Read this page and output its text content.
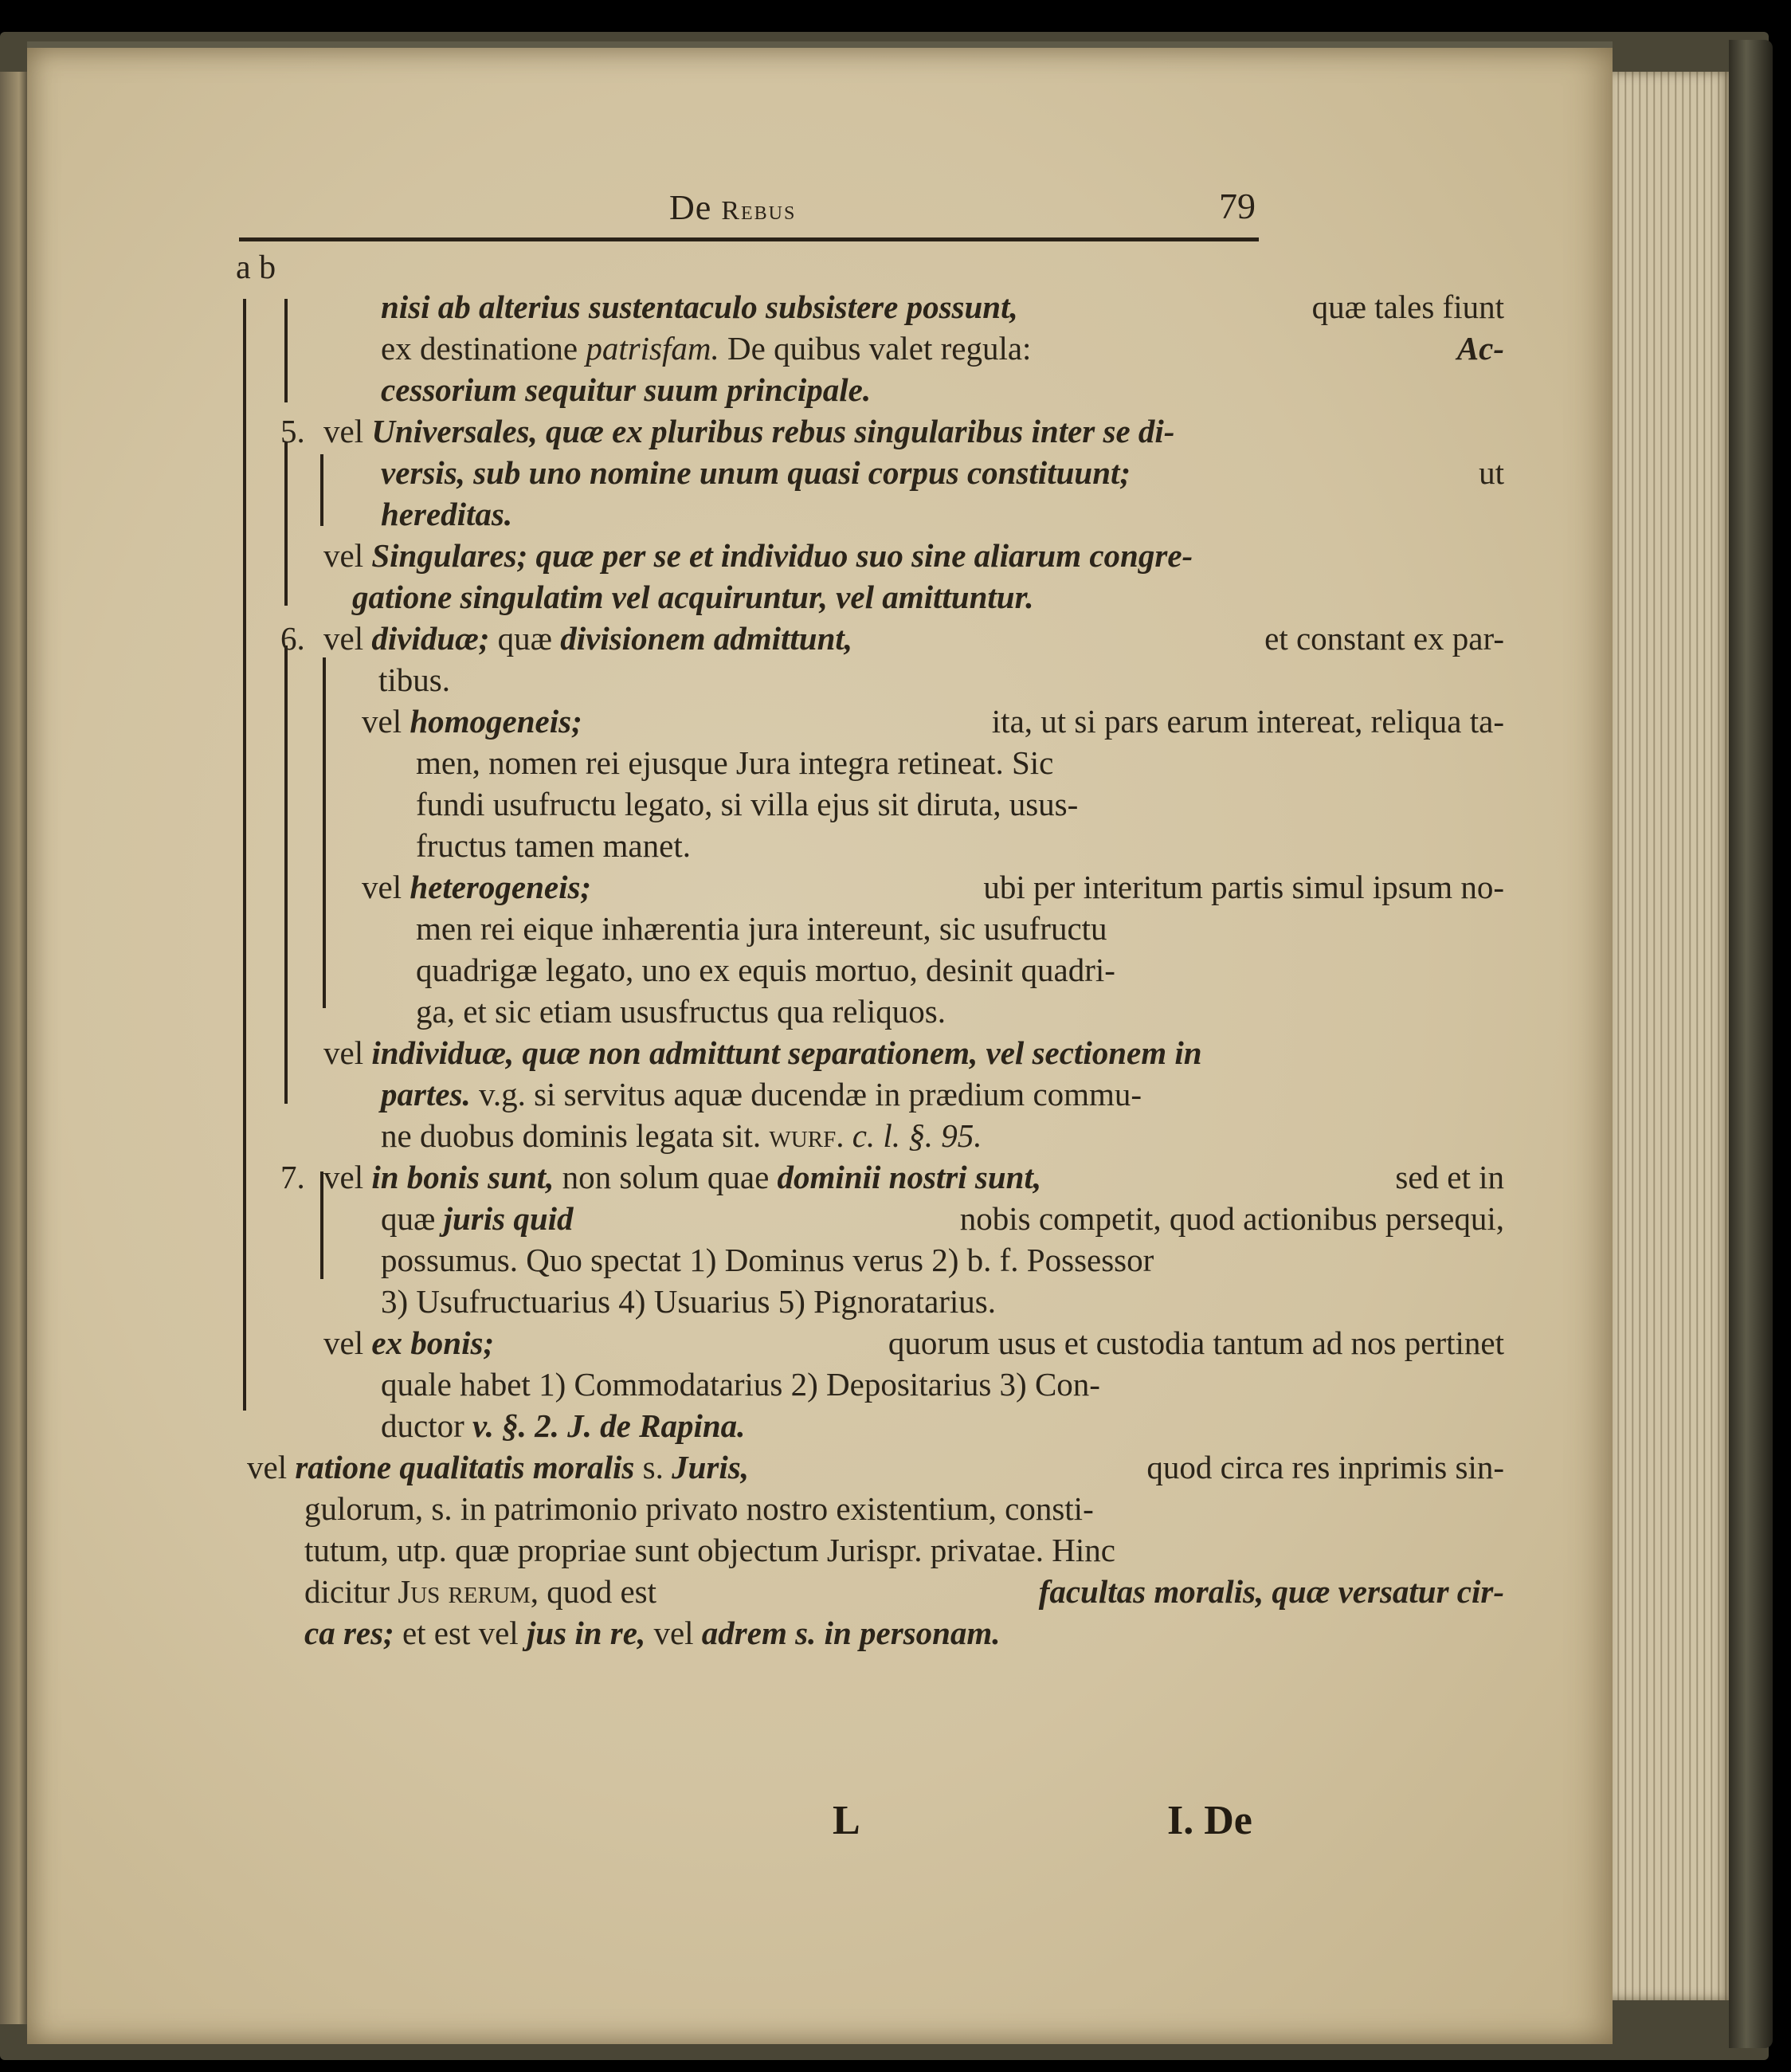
De Rebus	79
a b
nisi ab alterius sustentaculo subsistere possunt,	quæ tales fiunt
ex destinatione patrisfam. De quibus valet regula:	Ac-
cessorium sequitur suum principale.
5. vel Universales, quæ ex pluribus rebus singularibus inter se di-
versis, sub uno nomine unum quasi corpus constituunt;	ut
hereditas.
vel Singulares; quæ per se et individuo suo sine aliarum congre-
gatione singulatim vel acquiruntur, vel amittuntur.
6. vel dividuæ; quæ divisionem admittunt,	et constant ex par-
tibus.
vel homogeneis;	ita, ut si pars earum intereat, reliqua ta-
men, nomen rei ejusque Jura integra retineat. Sic
fundi usufructu legato, si villa ejus sit diruta, usus-
fructus tamen manet.
vel heterogeneis;	ubi per interitum partis simul ipsum no-
men rei eique inhærentia jura intereunt, sic usufructu
quadrigæ legato, uno ex equis mortuo, desinit quadri-
ga, et sic etiam ususfructus qua reliquos.
vel individuæ, quæ non admittunt separationem, vel sectionem in
partes. v.g. si servitus aquæ ducendæ in prædium commu-
ne duobus dominis legata sit. wurf. c. l. §. 95.
7. vel in bonis sunt, non solum quae dominii nostri sunt,	sed et in
quæ juris quid	nobis competit, quod actionibus persequi,
possumus. Quo spectat 1) Dominus verus 2) b. f. Possessor
3) Usufructuarius 4) Usuarius 5) Pignoratarius.
vel ex bonis;	quorum usus et custodia tantum ad nos pertinet
quale habet 1) Commodatarius 2) Depositarius 3) Con-
ductor v. §. 2. J. de Rapina.
vel ratione qualitatis moralis s. Juris,	quod circa res inprimis sin-
gulorum, s. in patrimonio privato nostro existentium, consti-
tutum, utp. quæ propriae sunt objectum Jurispr. privatae. Hinc
dicitur Jus rerum, quod est	facultas moralis, quæ versatur cir-
ca res; et est vel jus in re, vel adrem s. in personam.
L	I. De
